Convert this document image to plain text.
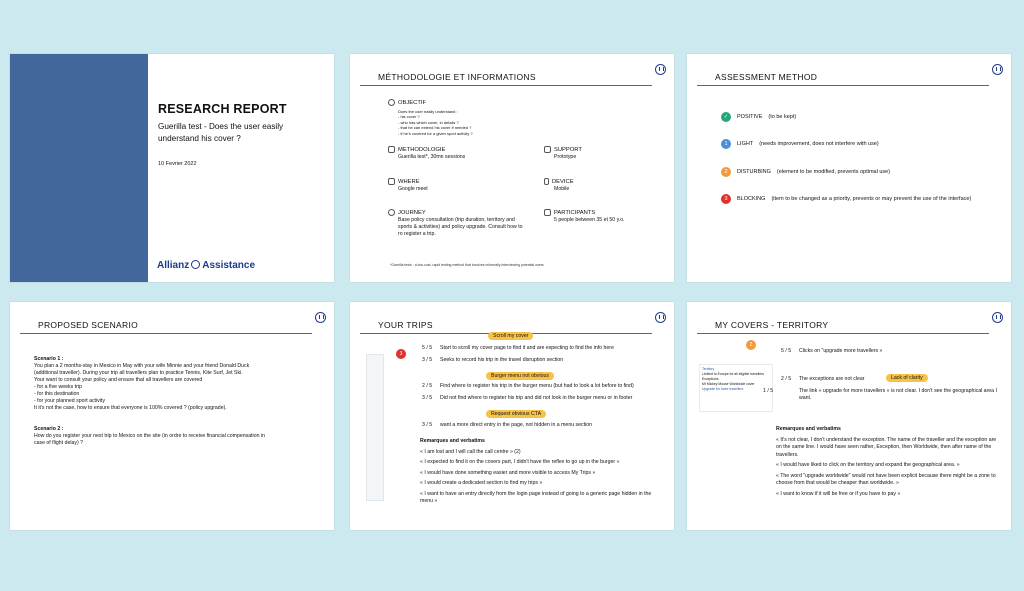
RESEARCH REPORT
Guerilla test - Does the user easily understand his cover ?
10 Fevrier 2022
Allianz Assistance
MÉTHODOLOGIE ET INFORMATIONS
OBJECTIF
Does the user easily understand :
- his cover ?
- who has which cover, in details ?
- that he can extend his cover if needed ?
- if he's covered for a given sport activity ?
METHODOLOGIE
Guerilla test*, 30mn sessions
SUPPORT
Prototype
WHERE
Google meet
DEVICE
Mobile
JOURNEY
Base policy consultation (trip duration, territory and sports & activities) and policy upgrade. Consult how to ro register a trip.
PARTICIPANTS
5 people between 35 et 50 y.o.
*Guerilla tests : a low-cost, rapid testing method that involves informally interviewing potential users
ASSESSMENT METHOD
✓	POSITIVE (to be kept)
1	LIGHT (needs improvement, does not interfere with use)
2	DISTURBING (element to be modified, prevents optimal use)
3	BLOCKING (item to be changed as a priority, prevents or may prevent the use of the interface)
PROPOSED SCENARIO
Scenario 1 :
You plan a 2 months-stay in Mexico in May with your wife Minnie and your friend Donald Duck
(additional traveller). During your trip all travellers plan to practice Tennis, Kite Surf, Jet Ski.
Your want to consult your policy and ensure that all travellers are covered
- for a five weeks trip
- for this destination
- for your planned sport activity
It it's not the case, how to ensure that everyone is 100% covered ? (policy upgrade).
Scenario 2 :
How do you register your next trip to Mexico on the site (in ordre to receive financial compensation in
case of flight delay) ?
YOUR TRIPS
3
Scroll my cover
5 / 5 Start to scroll my cover page to find it and are expecting to find the info here
3 / 5 Seeks to record his trip in the travel disruption section
Burger menu not obvious
2 / 5 Find where to register his trip in the burger menu (but had to look a lot before to find)
3 / 5 Did not find where to register his trip and did not look in the burger menu or in footer
Request obvious CTA
3 / 5 want a more direct entry in the page, not hidden in a menu section

Remarques and verbatims

« I am lost and I will call the call centre » (2)

« I expected to find it on the covers part, I didn't have the reflex to go up in the burger »

« I would have done something easier and more visible to access My Trips »

« I would create a dedicated section to find my trips »

« I want to have an entry directly from the login page instead of going to a generic page hidden in the menu »

MY COVERS - TERRITORY
2
Territory
Limited to Europe for all eligible travellers
Exceptions
Mr Mickey Mouse Worldwide cover
Upgrade for more travellers
5 / 5 Clicks on "upgrade more travellers »
Lack of clarity
2 / 5 The exceptions are not clear
1 / 5	The link « upgrade for more travellers » is not clear. I don't see the geographical area I want.

Remarques and verbatims

« It's not clear, I don't understand the exception. The name of the traveller and the exception are on the same line. I would have seen rather, Exception, then Worldwide, then after name of the travellers.

« I would have liked to click on the territory and expand the geographical area. »

« The word "upgrade worldwide" would not have been explicit because there might be a zone to choose from that would be cheaper than worldwide. »

« I want to know if it will be free or if you have to pay »
